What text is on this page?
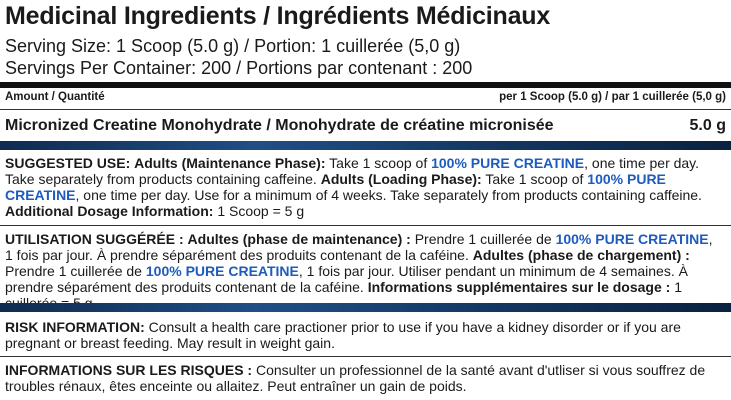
Medicinal Ingredients / Ingrédients Médicinaux
Serving Size: 1 Scoop (5.0 g) / Portion: 1 cuillerée (5,0 g)
Servings Per Container: 200 / Portions par contenant : 200
Amount / Quantité	per 1 Scoop (5.0 g) / par 1 cuillerée (5,0 g)
Micronized Creatine Monohydrate / Monohydrate de créatine micronisée	5.0 g
SUGGESTED USE: Adults (Maintenance Phase): Take 1 scoop of 100% PURE CREATINE, one time per day. Take separately from products containing caffeine. Adults (Loading Phase): Take 1 scoop of 100% PURE CREATINE, one time per day. Use for a minimum of 4 weeks. Take separately from products containing caffeine. Additional Dosage Information: 1 Scoop = 5 g
UTILISATION SUGGÉRÉE : Adultes (phase de maintenance) : Prendre 1 cuillerée de 100% PURE CREATINE, 1 fois par jour. À prendre séparément des produits contenant de la caféine. Adultes (phase de chargement) : Prendre 1 cuillerée de 100% PURE CREATINE, 1 fois par jour. Utiliser pendant un minimum de 4 semaines. À prendre séparément des produits contenant de la caféine. Informations supplémentaires sur le dosage : 1
RISK INFORMATION: Consult a health care practioner prior to use if you have a kidney disorder or if you are pregnant or breast feeding. May result in weight gain.
INFORMATIONS SUR LES RISQUES : Consulter un professionnel de la santé avant d'utliser si vous souffrez de troubles rénaux, êtes enceinte ou allaitez. Peut entraîner un gain de poids.
